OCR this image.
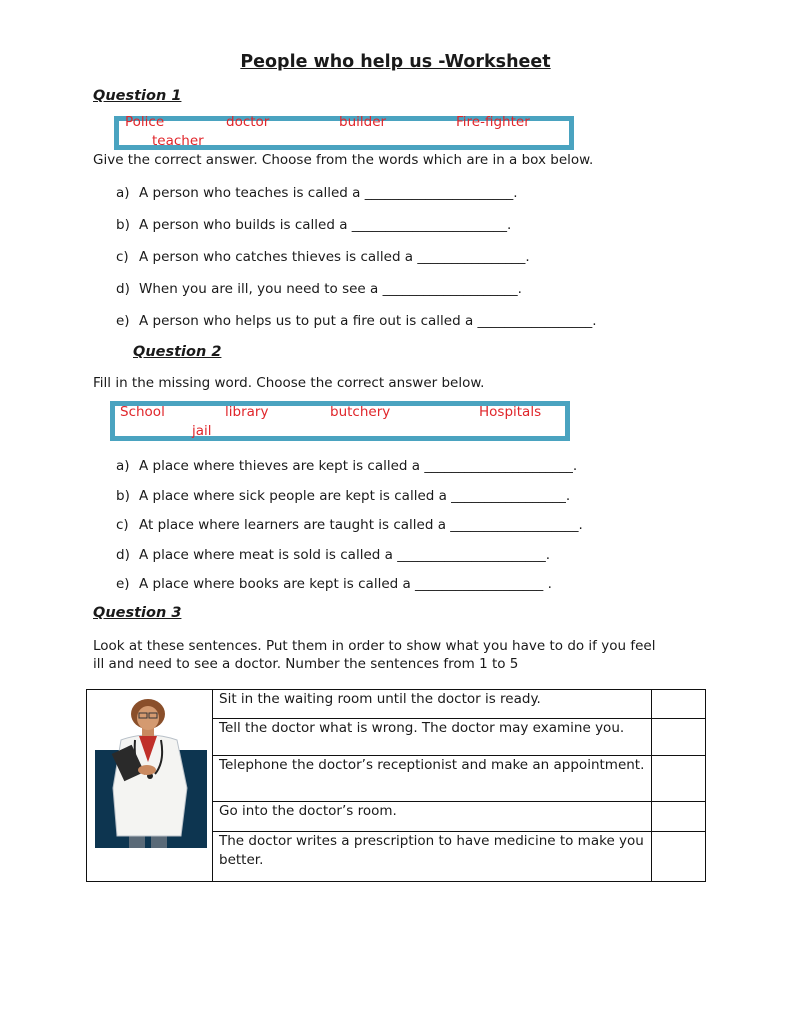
People who help us -Worksheet
Question 1
Police	doctor	builder	Fire-fighter
teacher
Give the correct answer. Choose from the words which are in a box below.
a) A person who teaches is called a ______________________.
b) A person who builds is called a _______________________.
c) A person who catches thieves is called a ________________.
d) When you are ill, you need to see a ____________________.
e) A person who helps us to put a fire out is called a _________________.
Question 2
Fill in the missing word. Choose the correct answer below.
School	library	butchery	Hospitals
jail
a) A place where thieves are kept is called a ______________________.
b) A place where sick people are kept is called a _________________.
c) At place where learners are taught is called a ___________________.
d) A place where meat is sold is called a ______________________.
e) A place where books are kept is called a ___________________ .
Question 3
Look at these sentences. Put them in order to show what you have to do if you feel
ill and need to see a doctor. Number the sentences from 1 to 5
	Sit in the waiting room until the doctor is ready.	
	Tell the doctor what is wrong. The doctor may examine you.	
	Telephone the doctor’s receptionist and make an appointment.	
	Go into the doctor’s room.	
	The doctor writes a prescription to have medicine to make you better.	
